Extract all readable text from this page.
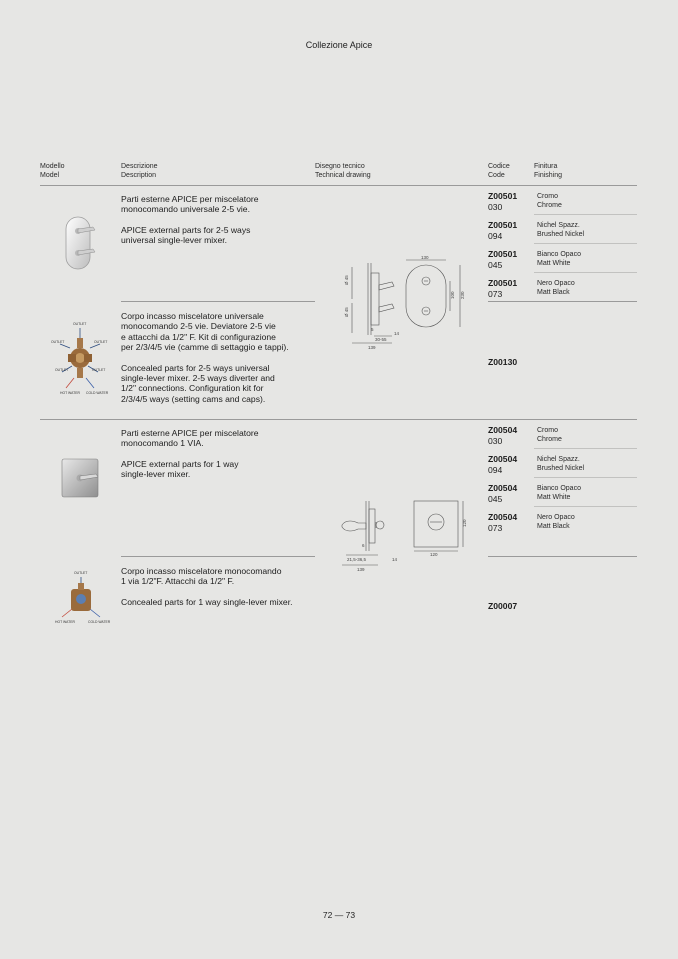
Collezione Apice
Modello
Model
Descrizione
Description
Disegno tecnico
Technical drawing
Codice
Code
Finitura
Finishing

Parti esterne APICE per miscelatore
monocomando universale 2-5 vie.

APICE external parts for 2-5 ways
universal single-lever mixer.

Z00501
030
Cromo
Chrome
Z00501
094
Nichel Spazz.
Brushed Nickel
Z00501
045
Bianco Opaco
Matt White
Z00501
073
Nero Opaco
Matt Black
Ø 45
Ø 45
130
100 230
5
14
30-55
139
OUTLET
OUTLET	OUTLET
OUTLET	OUTLET
HOT WATER COLD WATER

Corpo incasso miscelatore universale
monocomando 2-5 vie. Deviatore 2-5 vie
e attacchi da 1/2" F. Kit di configurazione
per 2/3/4/5 vie (camme di settaggio e tappi).

Concealed parts for 2-5 ways universal
single-lever mixer. 2-5 ways diverter and
1/2" connections. Configuration kit for
2/3/4/5 ways (setting cams and caps).

Z00130

Parti esterne APICE per miscelatore
monocomando 1 VIA.

APICE external parts for 1 way
single-lever mixer.

Z00504
030
Cromo
Chrome
Z00504
094
Nichel Spazz.
Brushed Nickel
Z00504
045
Bianco Opaco
Matt White
Z00504
073
Nero Opaco
Matt Black
6
21,5-36,5	14
139
120
120
OUTLET
HOT WATER	COLD WATER

Corpo incasso miscelatore monocomando
1 via 1/2"F. Attacchi da 1/2" F.

Concealed parts for 1 way single-lever mixer.	Z00007
72 — 73
